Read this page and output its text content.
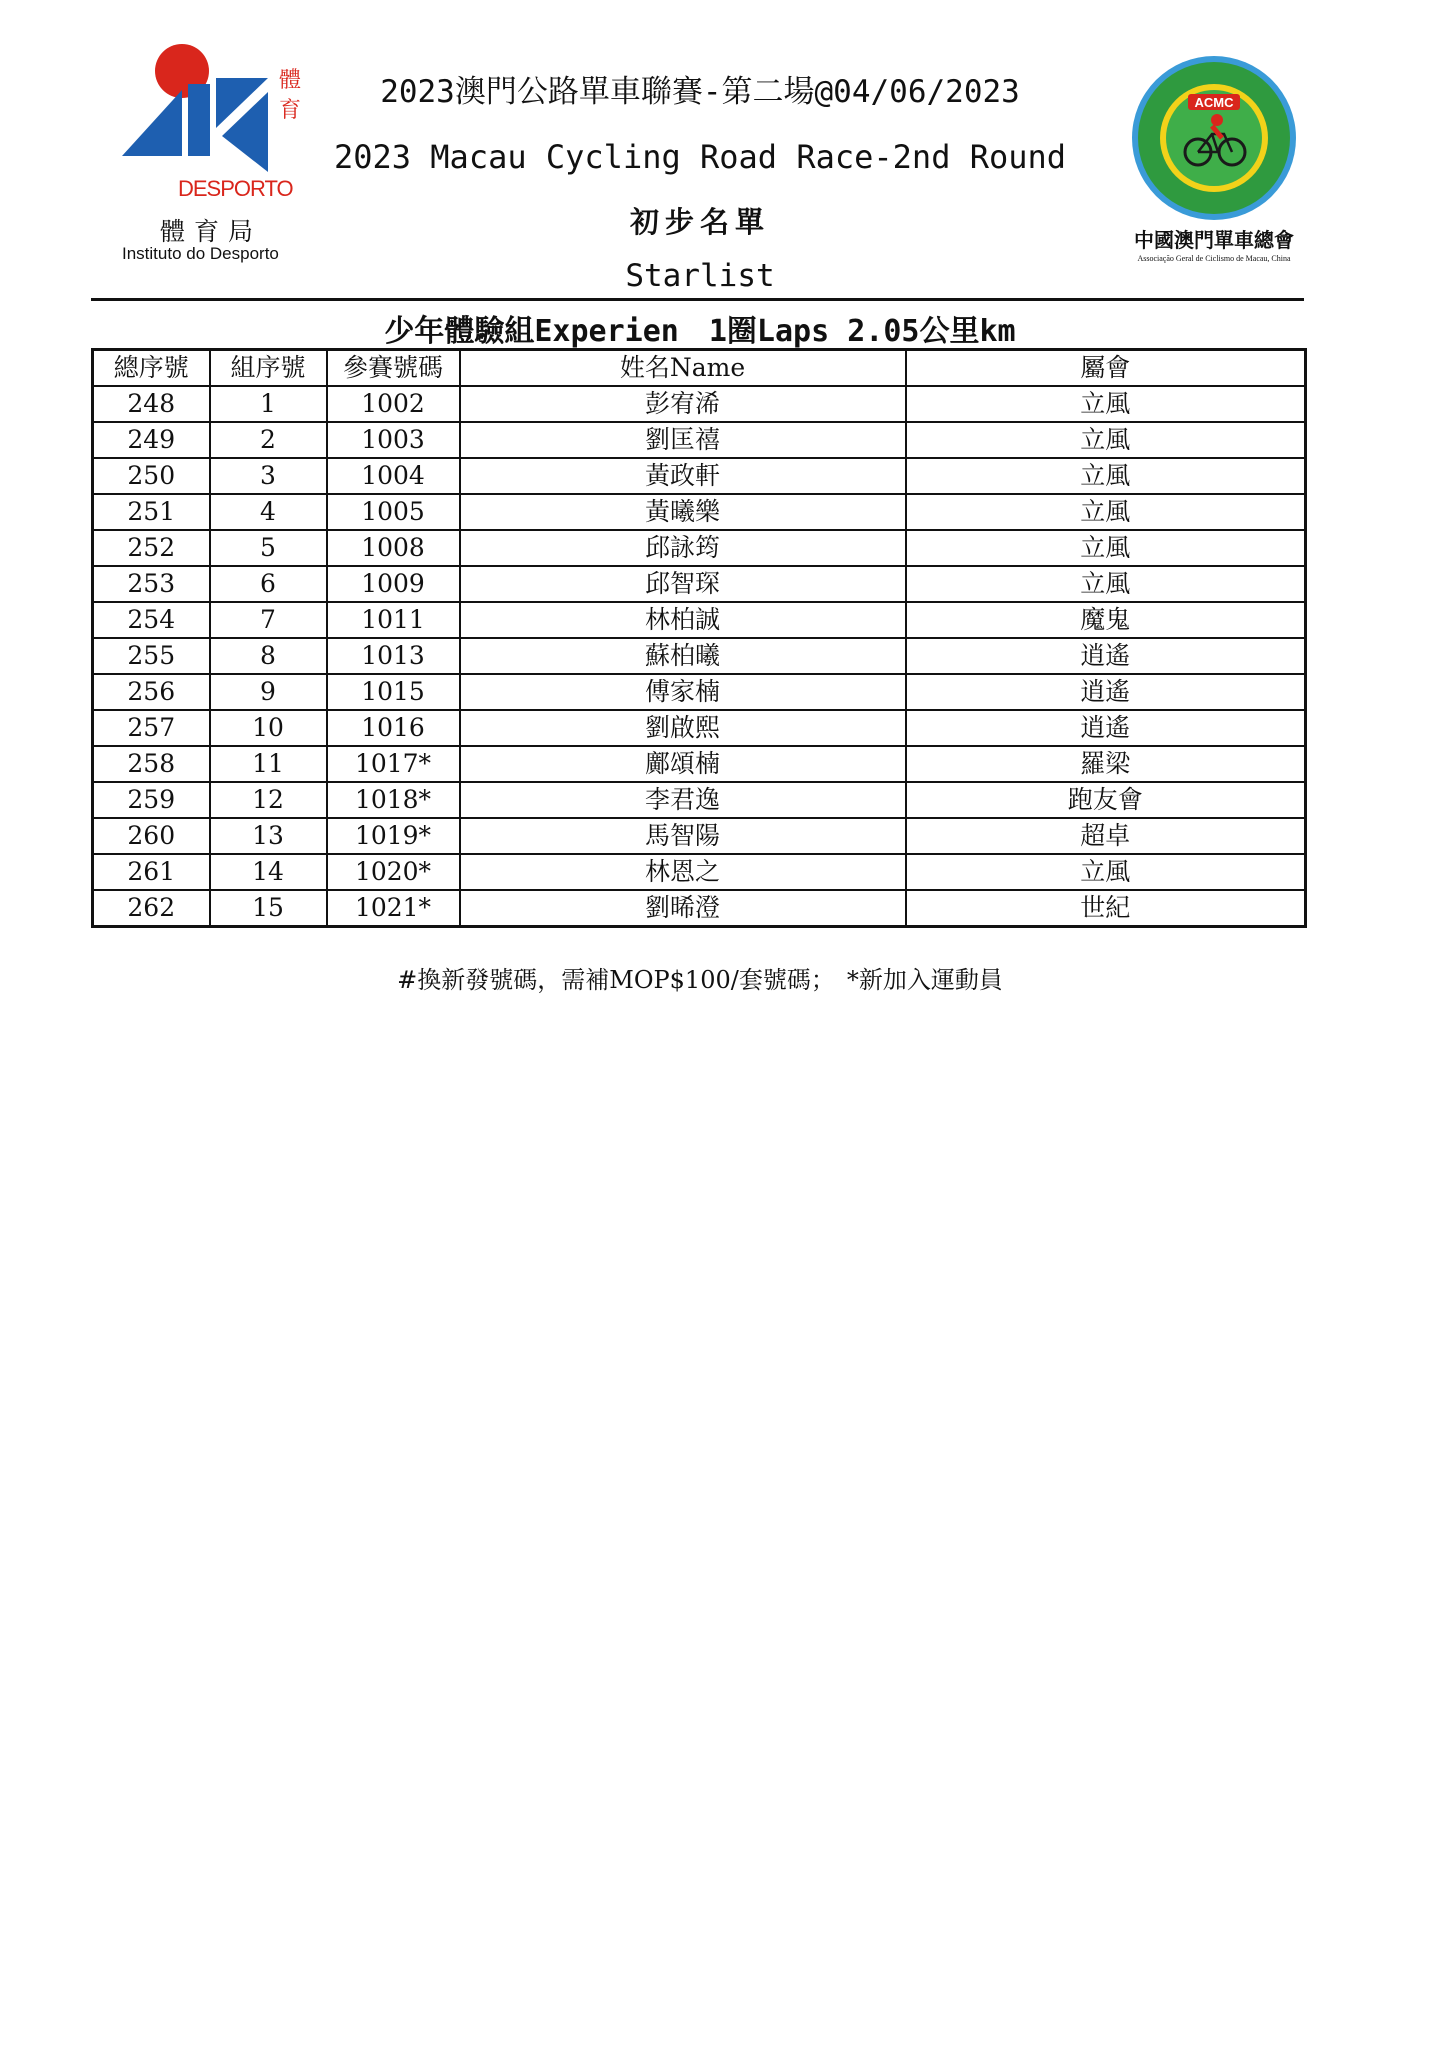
體育
DESPORTO
體育局
Instituto do Desporto
ACMC
中國澳門單車總會
Associação Geral de Ciclismo de Macau, China
2023澳門公路單車聯賽-第二場@04/06/2023
2023 Macau Cycling Road Race-2nd Round
初步名單
Starlist
少年體驗組Experien　1圈Laps 2.05公里km
總序號	組序號	參賽號碼	姓名Name	屬會
248	1	1002	彭宥浠	立風
249	2	1003	劉匡禧	立風
250	3	1004	黃政軒	立風
251	4	1005	黃曦樂	立風
252	5	1008	邱詠筠	立風
253	6	1009	邱智琛	立風
254	7	1011	林柏誠	魔鬼
255	8	1013	蘇柏曦	逍遙
256	9	1015	傅家楠	逍遙
257	10	1016	劉啟熙	逍遙
258	11	1017*	鄺頌楠	羅梁
259	12	1018*	李君逸	跑友會
260	13	1019*	馬智陽	超卓
261	14	1020*	林恩之	立風
262	15	1021*	劉晞澄	世紀
#換新發號碼，需補MOP$100/套號碼；　*新加入運動員
